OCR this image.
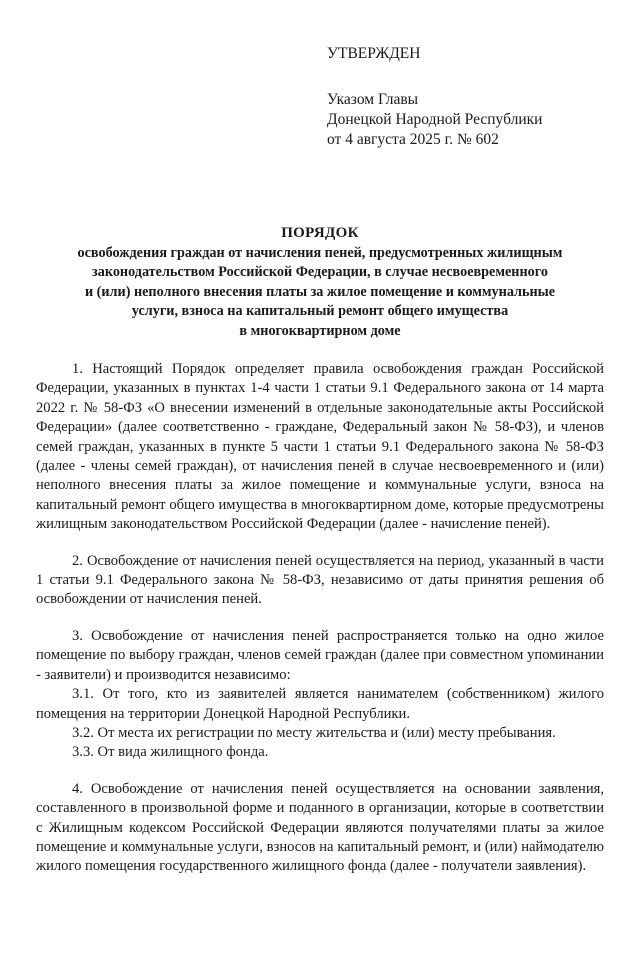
УТВЕРЖДЕН
Указом Главы
Донецкой Народной Республики
от 4 августа 2025 г. № 602
ПОРЯДОК
освобождения граждан от начисления пеней, предусмотренных жилищным
законодательством Российской Федерации, в случае несвоевременного
и (или) неполного внесения платы за жилое помещение и коммунальные
услуги, взноса на капитальный ремонт общего имущества
в многоквартирном доме

1. Настоящий Порядок определяет правила освобождения граждан Российской Федерации, указанных в пунктах 1-4 части 1 статьи 9.1 Федерального закона от 14 марта 2022 г. № 58-ФЗ «О внесении изменений в отдельные законодательные акты Российской Федерации» (далее соответственно - граждане, Федеральный закон № 58-ФЗ), и членов семей граждан, указанных в пункте 5 части 1 статьи 9.1 Федерального закона № 58-ФЗ (далее - члены семей граждан), от начисления пеней в случае несвоевременного и (или) неполного внесения платы за жилое помещение и коммунальные услуги, взноса на капитальный ремонт общего имущества в многоквартирном доме, которые предусмотрены жилищным законодательством Российской Федерации (далее - начисление пеней).

2. Освобождение от начисления пеней осуществляется на период, указанный в части 1 статьи 9.1 Федерального закона № 58-ФЗ, независимо от даты принятия решения об освобождении от начисления пеней.

3. Освобождение от начисления пеней распространяется только на одно жилое помещение по выбору граждан, членов семей граждан (далее при совместном упоминании - заявители) и производится независимо:

3.1. От того, кто из заявителей является нанимателем (собственником) жилого помещения на территории Донецкой Народной Республики.

3.2. От места их регистрации по месту жительства и (или) месту пребывания.

3.3. От вида жилищного фонда.

4. Освобождение от начисления пеней осуществляется на основании заявления, составленного в произвольной форме и поданного в организации, которые в соответствии с Жилищным кодексом Российской Федерации являются получателями платы за жилое помещение и коммунальные услуги, взносов на капитальный ремонт, и (или) наймодателю жилого помещения государственного жилищного фонда (далее - получатели заявления).
